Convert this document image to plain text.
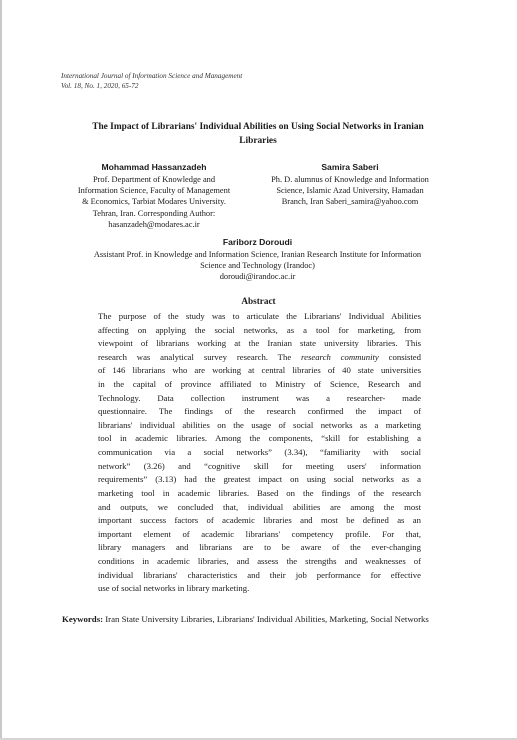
International Journal of Information Science and Management
Vol. 18, No. 1, 2020, 65-72
The Impact of Librarians' Individual Abilities on Using Social Networks in Iranian
Libraries
Mohammad Hassanzadeh
Prof. Department of Knowledge and
Information Science, Faculty of Management
& Economics, Tarbiat Modares University.
Tehran, Iran. Corresponding Author:
hasanzadeh@modares.ac.ir
Samira Saberi
Ph. D. alumnus of Knowledge and Information
Science, Islamic Azad University, Hamadan
Branch, Iran Saberi_samira@yahoo.com
Fariborz Doroudi
Assistant Prof. in Knowledge and Information Science, Iranian Research Institute for Information
Science and Technology (Irandoc)
doroudi@irandoc.ac.ir
Abstract
The purpose of the study was to articulate the Librarians' Individual Abilities
affecting on applying the social networks, as a tool for marketing, from
viewpoint of librarians working at the Iranian state university libraries. This
research was analytical survey research. The research community consisted
of 146 librarians who are working at central libraries of 40 state universities
in the capital of province affiliated to Ministry of Science, Research and
Technology. Data collection instrument was a researcher- made
questionnaire. The findings of the research confirmed the impact of
librarians' individual abilities on the usage of social networks as a marketing
tool in academic libraries. Among the components, “skill for establishing a
communication via a social networks” (3.34), “familiarity with social
network” (3.26) and “cognitive skill for meeting users' information
requirements” (3.13) had the greatest impact on using social networks as a
marketing tool in academic libraries. Based on the findings of the research
and outputs, we concluded that, individual abilities are among the most
important success factors of academic libraries and most be defined as an
important element of academic librarians' competency profile. For that,
library managers and librarians are to be aware of the ever-changing
conditions in academic libraries, and assess the strengths and weaknesses of
individual librarians' characteristics and their job performance for effective
use of social networks in library marketing.
Keywords: Iran State University Libraries, Librarians' Individual Abilities, Marketing, Social Networks
